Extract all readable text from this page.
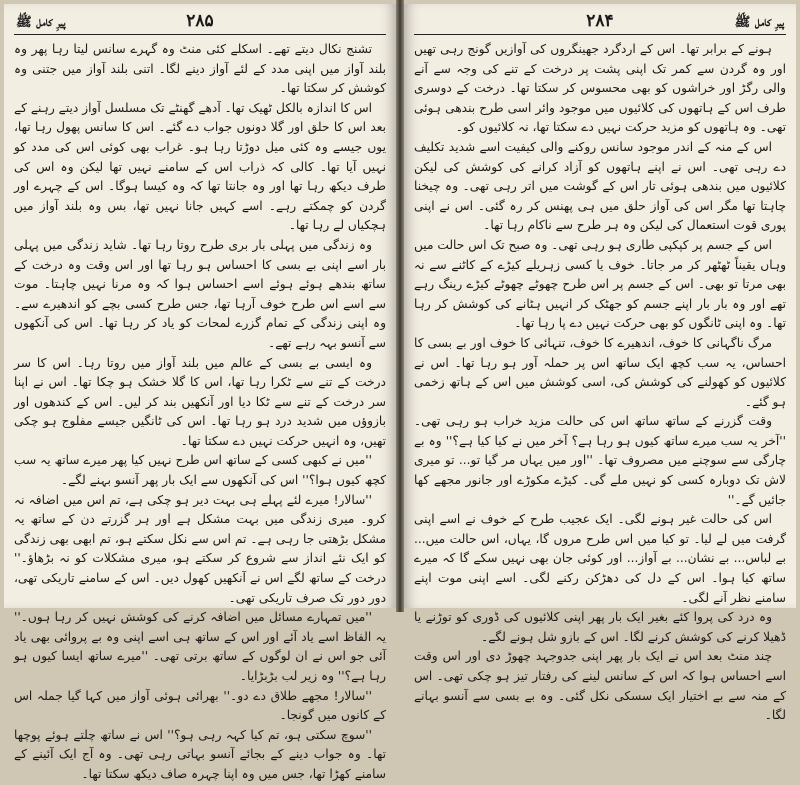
پیرِ کامل ﷺ	۲۸۵

تشنج نکال دیتے تھے۔ اسکلے کئی منٹ وہ گہرے سانس لیتا رہا پھر وہ بلند آواز میں اپنی مدد کے لئے آواز دینے لگا۔ اتنی بلند آواز میں جتنی وہ کوشش کر سکتا تھا۔

اس کا اندازہ بالکل ٹھیک تھا۔ آدھے گھنٹے تک مسلسل آواز دیتے رہنے کے بعد اس کا حلق اور گلا دونوں جواب دے گئے۔ اس کا سانس پھول رہا تھا، یوں جیسے وہ کئی میل دوڑتا رہا ہو۔ غراب بھی کوئی اس کی مدد کو نہیں آیا تھا۔ کالی کہ ذراب اس کے سامنے نہیں تھا لیکن وہ اس کی طرف دیکھ رہا تھا اور وہ جانتا تھا کہ وہ کیسا ہوگا۔ اس کے چہرے اور گردن کو چمکتے رہے۔ اسے کہیں جانا نہیں تھا، بس وہ بلند آواز میں ہچکیاں لے رہا تھا۔

وہ زندگی میں پہلی بار بری طرح روتا رہا تھا۔ شاید زندگی میں پہلی بار اسے اپنی بے بسی کا احساس ہو رہا تھا اور اس وقت وہ درخت کے ساتھ بندھے ہوئے ہوئے اسے احساس ہوا کہ وہ مرنا نہیں چاہتا۔ موت سے اسے اس طرح خوف آرہا تھا، جس طرح کسی بچے کو اندھیرے سے۔ وہ اپنی زندگی کے تمام گزرے لمحات کو یاد کر رہا تھا۔ اس کی آنکھوں سے آنسو بہہ رہے تھے۔

وہ ایسی بے بسی کے عالم میں بلند آواز میں روتا رہا۔ اس کا سر درخت کے تنے سے ٹکرا رہا تھا، اس کا گلا خشک ہو چکا تھا۔ اس نے اپنا سر درخت کے تنے سے ٹکا دیا اور آنکھیں بند کر لیں۔ اس کے کندھوں اور بازوؤں میں شدید درد ہو رہا تھا۔ اس کی ٹانگیں جیسے مفلوج ہو چکی تھیں، وہ انہیں حرکت نہیں دے سکتا تھا۔

''میں نے کبھی کسی کے ساتھ اس طرح نہیں کیا پھر میرے ساتھ یہ سب کچھ کیوں ہوا؟'' اس کی آنکھوں سے ایک بار پھر آنسو بہنے لگے۔

''سالار! میرے لئے پہلے ہی بہت دیر ہو چکی ہے، تم اس میں اضافہ نہ کرو۔ میری زندگی میں بہت مشکل ہے اور ہر گزرتے دن کے ساتھ یہ مشکل بڑھتی جا رہی ہے۔ تم اس سے نکل سکتے ہو، تم ابھی بھی زندگی کو ایک نئے انداز سے شروع کر سکتے ہو، میری مشکلات کو نہ بڑھاؤ۔'' درخت کے ساتھ لگے اس نے آنکھیں کھول دیں۔ اس کے سامنے تاریکی تھی، دور دور تک صرف تاریکی تھی۔

''میں تمہارے مسائل میں اضافہ کرنے کی کوشش نہیں کر رہا ہوں۔'' یہ الفاظ اسے یاد آئے اور اس کے ساتھ ہی اسے اپنی وہ بے پروائی بھی یاد آئی جو اس نے ان لوگوں کے ساتھ برتی تھی۔ ''میرے ساتھ ایسا کیوں ہو رہا ہے؟'' وہ زیر لب بڑبڑایا۔

''سالار! مجھے طلاق دے دو۔'' بھرائی ہوئی آواز میں کہا گیا جملہ اس کے کانوں میں گونجا۔

''سوچ سکتی ہو، تم کیا کہہ رہی ہو؟'' اس نے ساتھ چلتے ہوئے پوچھا تھا۔ وہ جواب دینے کے بجائے آنسو بہاتی رہی تھی۔ وہ آج ایک آئینے کے سامنے کھڑا تھا، جس میں وہ اپنا چہرہ صاف دیکھ سکتا تھا۔

پیرِ کامل ﷺ
۲۸۴

ہونے کے برابر تھا۔ اس کے اردگرد جھینگروں کی آوازیں گونج رہی تھیں اور وہ گردن سے کمر تک اپنی پشت پر درخت کے تنے کی وجہ سے آنے والی رگڑ اور خراشوں کو بھی محسوس کر سکتا تھا۔ درخت کے دوسری طرف اس کے ہاتھوں کی کلائیوں میں موجود وائر اسی طرح بندھی ہوئی تھی۔ وہ ہاتھوں کو مزید حرکت نہیں دے سکتا تھا، نہ کلائیوں کو۔

اس کے منہ کے اندر موجود سانس روکنے والی کیفیت اسے شدید تکلیف دے رہی تھی۔ اس نے اپنے ہاتھوں کو آزاد کرانے کی کوشش کی لیکن کلائیوں میں بندھی ہوئی تار اس کے گوشت میں اتر رہی تھی۔ وہ چیخنا چاہتا تھا مگر اس کی آواز حلق میں ہی پھنس کر رہ گئی۔ اس نے اپنی پوری قوت استعمال کی لیکن وہ ہر طرح سے ناکام رہا تھا۔

اس کے جسم پر کپکپی طاری ہو رہی تھی۔ وہ صبح تک اس حالت میں وہاں یقیناً ٹھٹھر کر مر جاتا۔ خوف یا کسی زہریلے کیڑے کے کاٹنے سے نہ بھی مرتا تو بھی۔ اس کے جسم پر اس طرح چھوٹے چھوٹے کیڑے رینگ رہے تھے اور وہ بار بار اپنے جسم کو جھٹک کر انہیں ہٹانے کی کوشش کر رہا تھا۔ وہ اپنی ٹانگوں کو بھی حرکت نہیں دے پا رہا تھا۔

مرگ ناگہانی کا خوف، اندھیرے کا خوف، تنہائی کا خوف اور بے بسی کا احساس، یہ سب کچھ ایک ساتھ اس پر حملہ آور ہو رہا تھا۔ اس نے کلائیوں کو کھولنے کی کوشش کی، اسی کوشش میں اس کے ہاتھ زخمی ہو گئے۔

وقت گزرنے کے ساتھ ساتھ اس کی حالت مزید خراب ہو رہی تھی۔ ''آخر یہ سب میرے ساتھ کیوں ہو رہا ہے؟ آخر میں نے کیا کیا ہے؟'' وہ بے چارگی سے سوچنے میں مصروف تھا۔ ''اور میں یہاں مر گیا تو... تو میری لاش تک دوبارہ کسی کو نہیں ملے گی۔ کیڑے مکوڑے اور جانور مجھے کھا جائیں گے۔''

اس کی حالت غیر ہونے لگی۔ ایک عجیب طرح کے خوف نے اسے اپنی گرفت میں لے لیا۔ تو کیا میں اس طرح مروں گا، یہاں، اس حالت میں... بے لباس... بے نشان... بے آواز... اور کوئی جان بھی نہیں سکے گا کہ میرے ساتھ کیا ہوا۔ اس کے دل کی دھڑکن رکنے لگی۔ اسے اپنی موت اپنے سامنے نظر آنے لگی۔

وہ درد کی پروا کئے بغیر ایک بار پھر اپنی کلائیوں کی ڈوری کو توڑنے یا ڈھیلا کرنے کی کوشش کرنے لگا۔ اس کے بازو شل ہونے لگے۔

چند منٹ بعد اس نے ایک بار پھر اپنی جدوجہد چھوڑ دی اور اس وقت اسے احساس ہوا کہ اس کے سانس لینے کی رفتار تیز ہو چکی تھی۔ اس کے منہ سے بے اختیار ایک سسکی نکل گئی۔ وہ بے بسی سے آنسو بہانے لگا۔
